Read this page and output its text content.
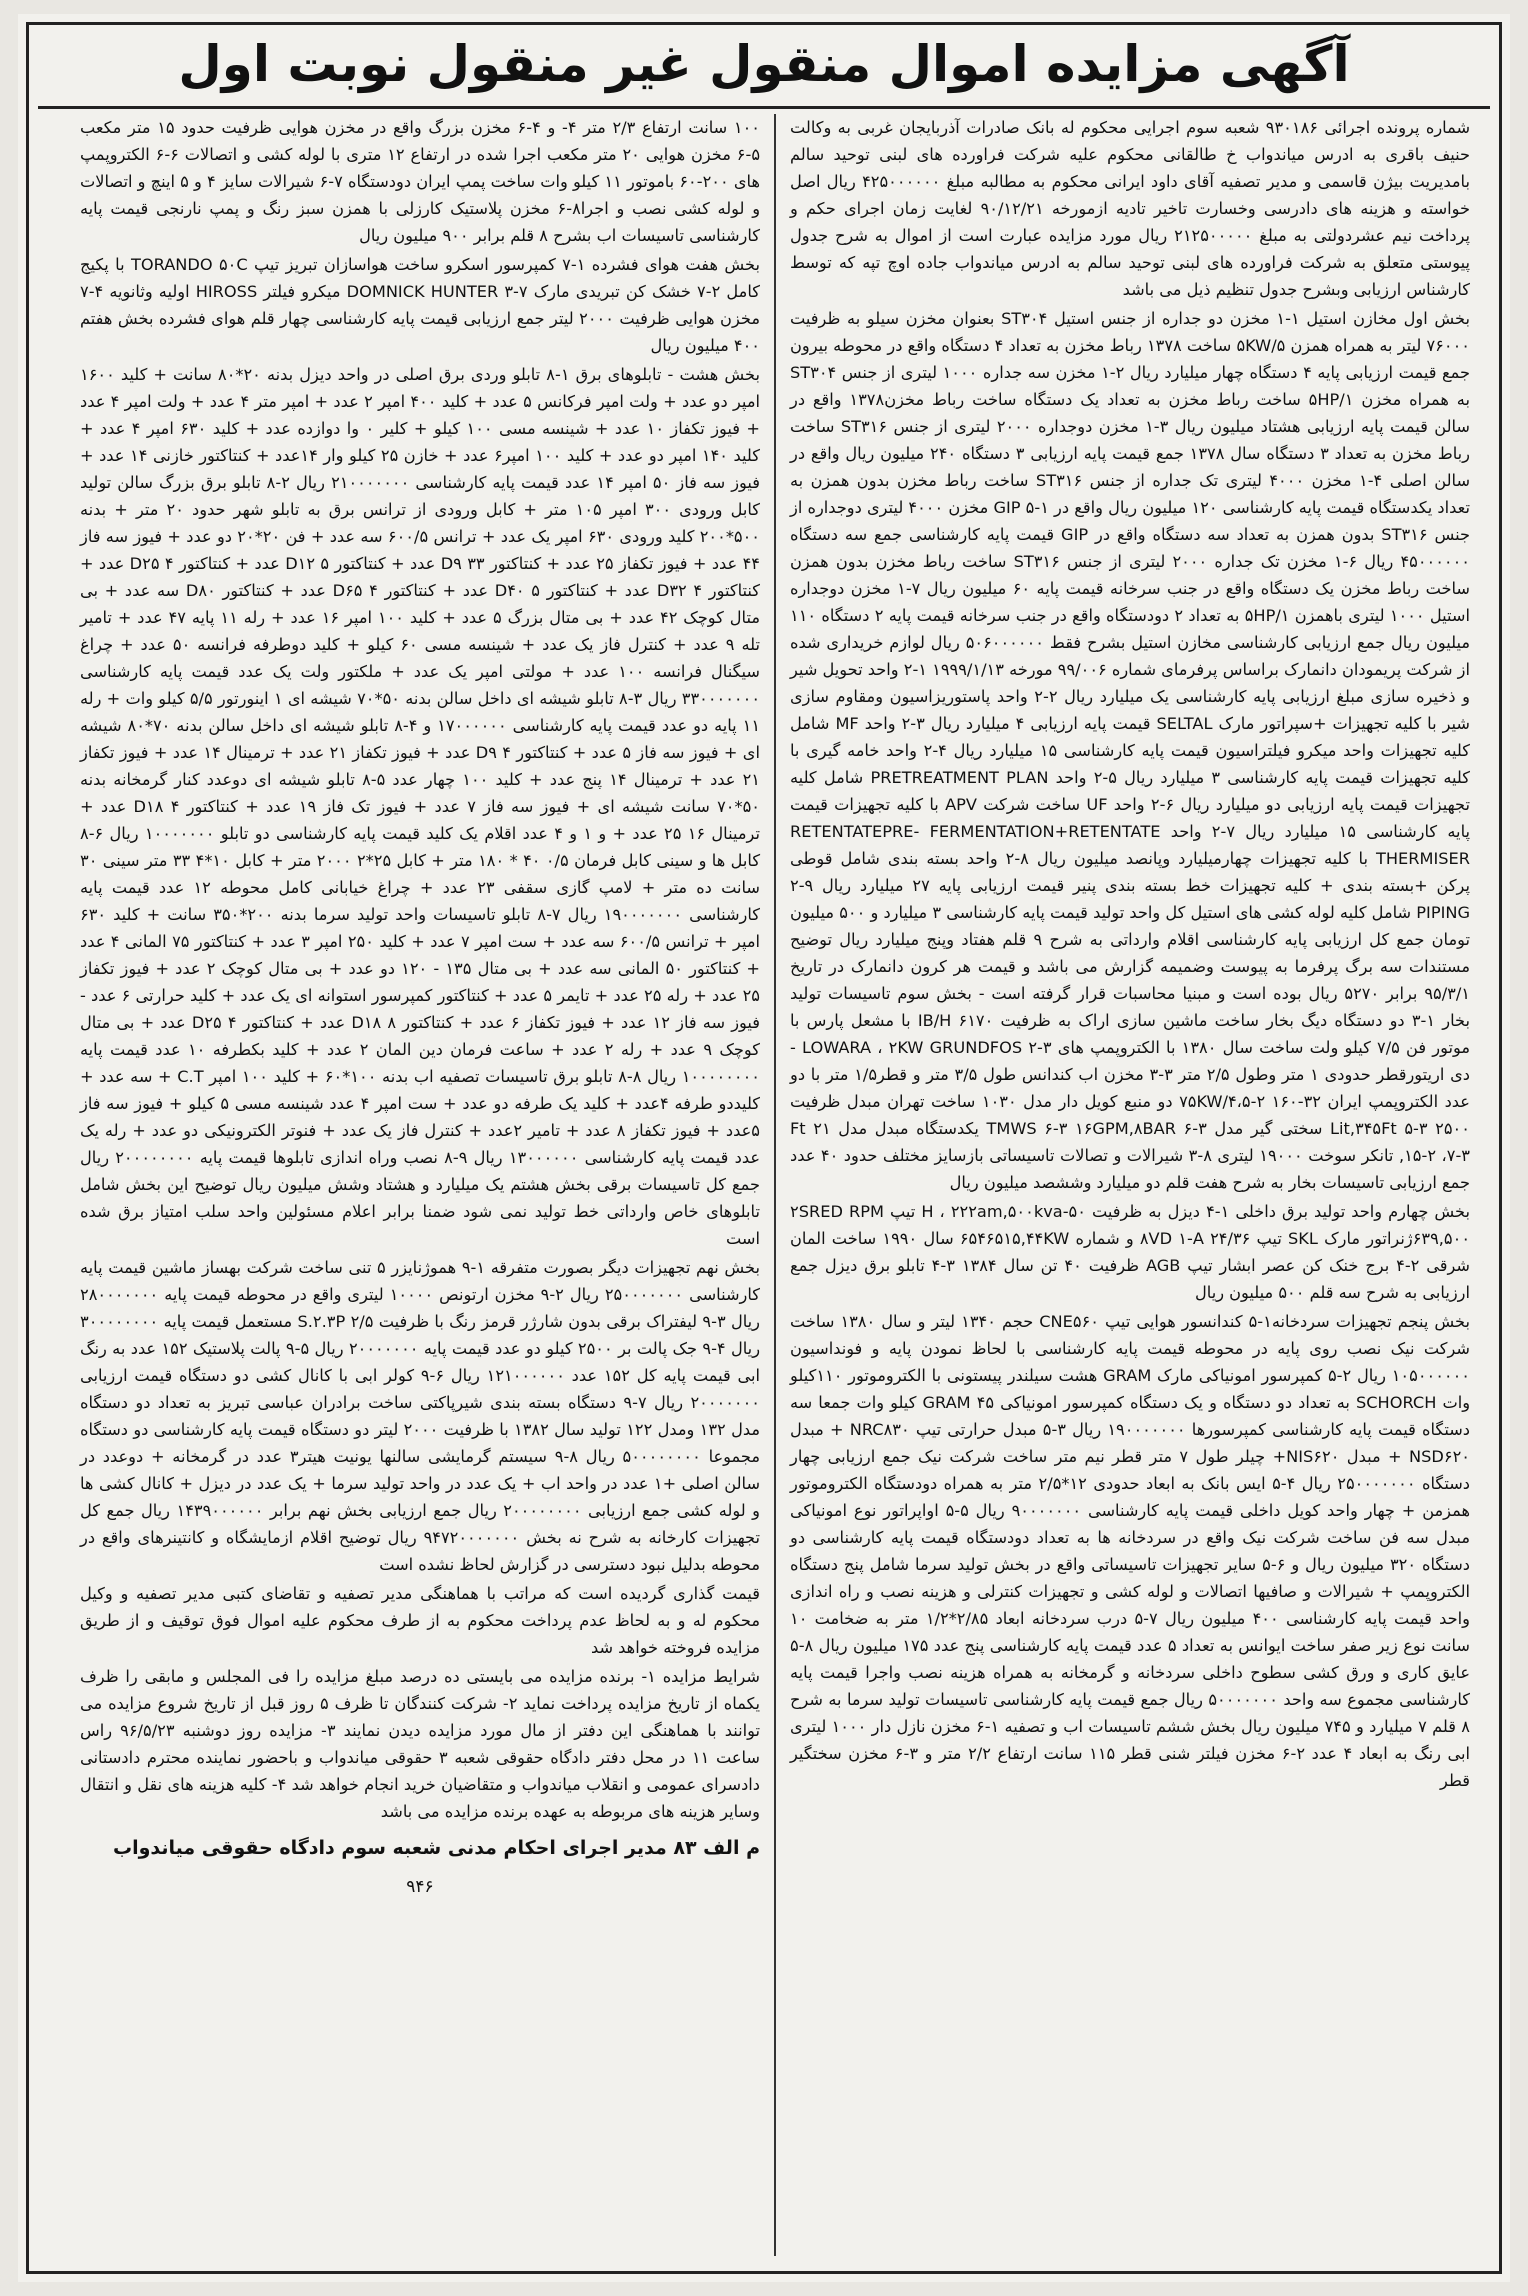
آگهی مزایده اموال منقول غیر منقول نوبت اول

شماره پرونده اجرائی ۹۳۰۱۸۶ شعبه سوم اجرایی محکوم له بانک صادرات آذربایجان غربی به وکالت حنیف باقری به ادرس میاندواب خ طالقانی محکوم علیه شرکت فراورده های لبنی توحید سالم بامدیریت بیژن قاسمی و مدیر تصفیه آقای داود ایرانی محکوم به مطالبه مبلغ ۴۲۵۰۰۰۰۰۰ ریال اصل خواسته و هزینه های دادرسی وخسارت تاخیر تادیه ازمورخه ۹۰/۱۲/۲۱ لغایت زمان اجرای حکم و پرداخت نیم عشردولتی به مبلغ ۲۱۲۵۰۰۰۰۰ ریال مورد مزایده عبارت است از اموال به شرح جدول پیوستی متعلق به شرکت فراورده های لبنی توحید سالم به ادرس میاندواب جاده اوچ تپه که توسط کارشناس ارزیابی وبشرح جدول تنظیم ذیل می باشد

بخش اول مخازن استیل ۱-۱ مخزن دو جداره از جنس استیل ST۳۰۴ بعنوان مخزن سیلو به ظرفیت ۷۶۰۰۰ لیتر به همراه همزن ۵KW/۵ ساخت ۱۳۷۸ رباط مخزن به تعداد ۴ دستگاه واقع در محوطه بیرون جمع قیمت ارزیابی پایه ۴ دستگاه چهار میلیارد ریال ۲-۱ مخزن سه جداره ۱۰۰۰ لیتری از جنس ST۳۰۴ به همراه مخزن ۵HP/۱ ساخت رباط مخزن به تعداد یک دستگاه ساخت رباط مخزن۱۳۷۸ واقع در سالن قیمت پایه ارزیابی هشتاد میلیون ریال ۳-۱ مخزن دوجداره ۲۰۰۰ لیتری از جنس ST۳۱۶ ساخت رباط مخزن به تعداد ۳ دستگاه سال ۱۳۷۸ جمع قیمت پایه ارزیابی ۳ دستگاه ۲۴۰ میلیون ریال واقع در سالن اصلی ۴-۱ مخزن ۴۰۰۰ لیتری تک جداره از جنس ST۳۱۶ ساخت رباط مخزن بدون همزن به تعداد یکدستگاه قیمت پایه کارشناسی ۱۲۰ میلیون ریال واقع در GIP ۵-۱ مخزن ۴۰۰۰ لیتری دوجداره از جنس ST۳۱۶ بدون همزن به تعداد سه دستگاه واقع در GIP قیمت پایه کارشناسی جمع سه دستگاه ۴۵۰۰۰۰۰۰ ریال ۶-۱ مخزن تک جداره ۲۰۰۰ لیتری از جنس ST۳۱۶ ساخت رباط مخزن بدون همزن ساخت رباط مخزن یک دستگاه واقع در جنب سرخانه قیمت پایه ۶۰ میلیون ریال ۷-۱ مخزن دوجداره استیل ۱۰۰۰ لیتری باهمزن ۵HP/۱ به تعداد ۲ دودستگاه واقع در جنب سرخانه قیمت پایه ۲ دستگاه ۱۱۰ میلیون ریال جمع ارزیابی کارشناسی مخازن استیل بشرح فقط ۵۰۶۰۰۰۰۰۰ ریال لوازم خریداری شده از شرکت پریمودان دانمارک براساس پرفرمای شماره ۹۹/۰۰۶ مورخه ۱۹۹۹/۱/۱۳ ۱-۲ واحد تحویل شیر و ذخیره سازی مبلغ ارزیابی پایه کارشناسی یک میلیارد ریال ۲-۲ واحد پاستوریزاسیون ومقاوم سازی شیر با کلیه تجهیزات +سپراتور مارک SELTAL قیمت پایه ارزیابی ۴ میلیارد ریال ۳-۲ واحد MF شامل کلیه تجهیزات واحد میکرو فیلتراسیون قیمت پایه کارشناسی ۱۵ میلیارد ریال ۴-۲ واحد خامه گیری با کلیه تجهیزات قیمت پایه کارشناسی ۳ میلیارد ریال ۵-۲ واحد PRETREATMENT PLAN شامل کلیه تجهیزات قیمت پایه ارزیابی دو میلیارد ریال ۶-۲ واحد UF ساخت شرکت APV با کلیه تجهیزات قیمت پایه کارشناسی ۱۵ میلیارد ریال ۷-۲ واحد RETENTATEPRE- FERMENTATION+RETENTATE THERMISER با کلیه تجهیزات چهارمیلیارد وپانصد میلیون ریال ۸-۲ واحد بسته بندی شامل قوطی پرکن +بسته بندی + کلیه تجهیزات خط بسته بندی پنیر قیمت ارزیابی پایه ۲۷ میلیارد ریال ۹-۲ PIPING شامل کلیه لوله کشی های استیل کل واحد تولید قیمت پایه کارشناسی ۳ میلیارد و ۵۰۰ میلیون تومان جمع کل ارزیابی پایه کارشناسی اقلام وارداتی به شرح ۹ قلم هفتاد وپنج میلیارد ریال توضیح مستندات سه برگ پرفرما به پیوست وضمیمه گزارش می باشد و قیمت هر کرون دانمارک در تاریخ ۹۵/۳/۱ برابر ۵۲۷۰ ریال بوده است و مبنیا محاسبات قرار گرفته است - بخش سوم تاسیسات تولید بخار ۱-۳ دو دستگاه دیگ بخار ساخت ماشین سازی اراک به ظرفیت IB/H ۶۱۷۰ با مشعل پارس با موتور فن ۷/۵ کیلو ولت ساخت سال ۱۳۸۰ با الکتروپمپ های LOWARA ، ۲KW GRUNDFOS ۲-۳ - دی اریتورقطر حدودی ۱ متر وطول ۲/۵ متر ۳-۳ مخزن اب کندانس طول ۳/۵ متر و قطر۱/۵ متر با دو عدد الکتروپمپ ایران ۳۲-۱۶۰ ۲-۷۵KW/۴،۵ دو منبع کویل دار مدل ۱۰۳۰ ساخت تهران مبدل ظرفیت ۲۵۰۰ Lit,۳۴۵Ft ۵-۳ سختی گیر مدل TMWS ۶-۳ ۱۶GPM,۸BAR ۶-۳ یکدستگاه مبدل مدل ۲۱ Ft ,۱۵-۲ ،۷-۳ تانکر سوخت ۱۹۰۰۰ لیتری ۸-۳ شیرالات و تصالات تاسیساتی بازسایز مختلف حدود ۴۰ عدد جمع ارزیابی تاسیسات بخار به شرح هفت قلم دو میلیارد وششصد میلیون ریال

بخش چهارم واحد تولید برق داخلی ۱-۴ دیزل به ظرفیت ۵۰-H ، ۲۲۲am,۵۰۰kva تیپ ۲SRED RPM ۶۳۹,۵۰۰ژنراتور مارک SKL تیپ ۲۴/۳۶ ۸VD ۱-A و شماره ۶۵۴۶۵۱۵,۴۴KW سال ۱۹۹۰ ساخت المان شرقی ۲-۴ برج خنک کن عصر ابشار تیپ AGB ظرفیت ۴۰ تن سال ۱۳۸۴ ۳-۴ تابلو برق دیزل جمع ارزیابی به شرح سه قلم ۵۰۰ میلیون ریال

بخش پنجم تجهیزات سردخانه۱-۵ کندانسور هوایی تیپ CNE۵۶۰ حجم ۱۳۴۰ لیتر و سال ۱۳۸۰ ساخت شرکت نیک نصب روی پایه در محوطه قیمت پایه کارشناسی با لحاظ نمودن پایه و فونداسیون ۱۰۵۰۰۰۰۰۰ ریال ۲-۵ کمپرسور امونیاکی مارک GRAM هشت سیلندر پیستونی با الکتروموتور ۱۱۰کیلو وات SCHORCH به تعداد دو دستگاه و یک دستگاه کمپرسور امونیاکی ۴۵ GRAM کیلو وات جمعا سه دستگاه قیمت پایه کارشناسی کمپرسورها ۱۹۰۰۰۰۰۰۰ ریال ۳-۵ مبدل حرارتی تیپ NRC۸۳۰ + مبدل NSD۶۲۰ + مبدل NIS۶۲۰+ چیلر طول ۷ متر قطر نیم متر ساخت شرکت نیک جمع ارزیابی چهار دستگاه ۲۵۰۰۰۰۰۰۰ ریال ۴-۵ ایس بانک به ابعاد حدودی ۱۲*۲/۵ متر به همراه دودستگاه الکتروموتور همزمن + چهار واحد کویل داخلی قیمت پایه کارشناسی ۹۰۰۰۰۰۰۰ ریال ۵-۵ اواپراتور نوع امونیاکی مبدل سه فن ساخت شرکت نیک واقع در سردخانه ها به تعداد دودستگاه قیمت پایه کارشناسی دو دستگاه ۳۲۰ میلیون ریال و ۶-۵ سایر تجهیزات تاسیساتی واقع در بخش تولید سرما شامل پنج دستگاه الکتروپمپ + شیرالات و صافیها اتصالات و لوله کشی و تجهیزات کنترلی و هزینه نصب و راه اندازی واحد قیمت پایه کارشناسی ۴۰۰ میلیون ریال ۷-۵ درب سردخانه ابعاد ۲/۸۵*۱/۲ متر به ضخامت ۱۰ سانت نوع زیر صفر ساخت ایوانس به تعداد ۵ عدد قیمت پایه کارشناسی پنج عدد ۱۷۵ میلیون ریال ۸-۵ عایق کاری و ورق کشی سطوح داخلی سردخانه و گرمخانه به همراه هزینه نصب واجرا قیمت پایه کارشناسی مجموع سه واحد ۵۰۰۰۰۰۰۰ ریال جمع قیمت پایه کارشناسی تاسیسات تولید سرما به شرح ۸ قلم ۷ میلیارد و ۷۴۵ میلیون ریال بخش ششم تاسیسات اب و تصفیه ۱-۶ مخزن نازل دار ۱۰۰۰ لیتری ابی رنگ به ابعاد ۴ عدد ۲-۶ مخزن فیلتر شنی قطر ۱۱۵ سانت ارتفاع ۲/۲ متر و ۳-۶ مخزن سختگیر قطر

۱۰۰ سانت ارتفاع ۲/۳ متر ۴- و ۴-۶ مخزن بزرگ واقع در مخزن هوایی ظرفیت حدود ۱۵ متر مکعب ۵-۶ مخزن هوایی ۲۰ متر مکعب اجرا شده در ارتفاع ۱۲ متری با لوله کشی و اتصالات ۶-۶ الکتروپمپ های ۲۰۰-۶۰ باموتور ۱۱ کیلو وات ساخت پمپ ایران دودستگاه ۷-۶ شیرالات سایز ۴ و ۵ اینچ و اتصالات و لوله کشی نصب و اجرا۸-۶ مخزن پلاستیک کارزلی با همزن سبز رنگ و پمپ نارنجی قیمت پایه کارشناسی تاسیسات اب بشرح ۸ قلم برابر ۹۰۰ میلیون ریال

بخش هفت هوای فشرده ۱-۷ کمپرسور اسکرو ساخت هواسازان تبریز تیپ TORANDO ۵۰C با پکیج کامل ۲-۷ خشک کن تبریدی مارک DOMNICK HUNTER ۳-۷ میکرو فیلتر HIROSS اولیه وثانویه ۴-۷ مخزن هوایی ظرفیت ۲۰۰۰ لیتر جمع ارزیابی قیمت پایه کارشناسی چهار قلم هوای فشرده بخش هفتم ۴۰۰ میلیون ریال

بخش هشت - تابلوهای برق ۱-۸ تابلو وردی برق اصلی در واحد دیزل بدنه ۲۰*۸۰ سانت + کلید ۱۶۰۰ امپر دو عدد + ولت امپر فرکانس ۵ عدد + کلید ۴۰۰ امپر ۲ عدد + امپر متر ۴ عدد + ولت امپر ۴ عدد + فیوز تکفاز ۱۰ عدد + شینسه مسی ۱۰۰ کیلو + کلیر ۰ وا دوازده عدد + کلید ۶۳۰ امپر ۴ عدد + کلید ۱۴۰ امپر دو عدد + کلید ۱۰۰ امپر۶ عدد + خازن ۲۵ کیلو وار ۱۴عدد + کنتاکتور خازنی ۱۴ عدد + فیوز سه فاز ۵۰ امپر ۱۴ عدد قیمت پایه کارشناسی ۲۱۰۰۰۰۰۰۰ ریال ۲-۸ تابلو برق بزرگ سالن تولید کابل ورودی ۳۰۰ امپر ۱۰۵ متر + کابل ورودی از ترانس برق به تابلو شهر حدود ۲۰ متر + بدنه ۵۰۰*۲۰۰ کلید ورودی ۶۳۰ امپر یک عدد + ترانس ۶۰۰/۵ سه عدد + فن ۲۰*۲۰ دو عدد + فیوز سه فاز ۴۴ عدد + فیوز تکفاز ۲۵ عدد + کنتاکتور D۹ ۳۳ عدد + کنتاکتور D۱۲ ۵ عدد + کنتاکتور D۲۵ ۴ عدد + کنتاکتور D۳۲ ۴ عدد + کنتاکتور D۴۰ ۵ عدد + کنتاکتور D۶۵ ۴ عدد + کنتاکتور D۸۰ سه عدد + بی متال کوچک ۴۲ عدد + بی متال بزرگ ۵ عدد + کلید ۱۰۰ امپر ۱۶ عدد + رله ۱۱ پایه ۴۷ عدد + تامیر تله ۹ عدد + کنترل فاز یک عدد + شینسه مسی ۶۰ کیلو + کلید دوطرفه فرانسه ۵۰ عدد + چراغ سیگنال فرانسه ۱۰۰ عدد + مولتی امپر یک عدد + ملکتور ولت یک عدد قیمت پایه کارشناسی ۳۳۰۰۰۰۰۰۰ ریال ۳-۸ تابلو شیشه ای داخل سالن بدنه ۵۰*۷۰ شیشه ای ۱ اینورتور ۵/۵ کیلو وات + رله ۱۱ پایه دو عدد قیمت پایه کارشناسی ۱۷۰۰۰۰۰۰ و ۴-۸ تابلو شیشه ای داخل سالن بدنه ۷۰*۸۰ شیشه ای + فیوز سه فاز ۵ عدد + کنتاکتور D۹ ۴ عدد + فیوز تکفاز ۲۱ عدد + ترمینال ۱۴ عدد + فیوز تکفاز ۲۱ عدد + ترمینال ۱۴ پنج عدد + کلید ۱۰۰ چهار عدد ۵-۸ تابلو شیشه ای دوعدد کنار گرمخانه بدنه ۵۰*۷۰ سانت شیشه ای + فیوز سه فاز ۷ عدد + فیوز تک فاز ۱۹ عدد + کنتاکتور D۱۸ ۴ عدد + ترمینال ۱۶ ۲۵ عدد + و ۱ و ۴ عدد اقلام یک کلید قیمت پایه کارشناسی دو تابلو ۱۰۰۰۰۰۰۰ ریال ۶-۸ کابل ها و سینی کابل فرمان ۰/۵ ۴۰ * ۱۸۰ متر + کابل ۲۵*۲ ۲۰۰۰ متر + کابل ۱۰*۴ ۳۳ متر سینی ۳۰ سانت ده متر + لامپ گازی سقفی ۲۳ عدد + چراغ خیابانی کامل محوطه ۱۲ عدد قیمت پایه کارشناسی ۱۹۰۰۰۰۰۰۰ ریال ۷-۸ تابلو تاسیسات واحد تولید سرما بدنه ۲۰۰*۳۵۰ سانت + کلید ۶۳۰ امپر + ترانس ۶۰۰/۵ سه عدد + ست امپر ۷ عدد + کلید ۲۵۰ امپر ۳ عدد + کنتاکتور ۷۵ المانی ۴ عدد + کنتاکتور ۵۰ المانی سه عدد + بی متال ۱۳۵ - ۱۲۰ دو عدد + بی متال کوچک ۲ عدد + فیوز تکفاز ۲۵ عدد + رله ۲۵ عدد + تایمر ۵ عدد + کنتاکتور کمپرسور استوانه ای یک عدد + کلید حرارتی ۶ عدد - فیوز سه فاز ۱۲ عدد + فیوز تکفاز ۶ عدد + کنتاکتور D۱۸ ۸ عدد + کنتاکتور D۲۵ ۴ عدد + بی متال کوچک ۹ عدد + رله ۲ عدد + ساعت فرمان دین المان ۲ عدد + کلید بکطرفه ۱۰ عدد قیمت پایه ۱۰۰۰۰۰۰۰۰ ریال ۸-۸ تابلو برق تاسیسات تصفیه اب بدنه ۱۰۰*۶۰ + کلید ۱۰۰ امپر C.T + سه عدد + کلیددو طرفه ۴عدد + کلید یک طرفه دو عدد + ست امپر ۴ عدد شینسه مسی ۵ کیلو + فیوز سه فاز ۵عدد + فیوز تکفاز ۸ عدد + تامیر ۲عدد + کنترل فاز یک عدد + فنوتر الکترونیکی دو عدد + رله یک عدد قیمت پایه کارشناسی ۱۳۰۰۰۰۰۰ ریال ۹-۸ نصب وراه اندازی تابلوها قیمت پایه ۲۰۰۰۰۰۰۰۰ ریال جمع کل تاسیسات برقی بخش هشتم یک میلیارد و هشتاد وشش میلیون ریال توضیح این بخش شامل تابلوهای خاص وارداتی خط تولید نمی شود ضمنا برابر اعلام مسئولین واحد سلب امتیاز برق شده است

بخش نهم تجهیزات دیگر بصورت متفرقه ۱-۹ هموژنایزر ۵ تنی ساخت شرکت بهساز ماشین قیمت پایه کارشناسی ۲۵۰۰۰۰۰۰۰ ریال ۲-۹ مخزن ارتونص ۱۰۰۰۰ لیتری واقع در محوطه قیمت پایه ۲۸۰۰۰۰۰۰۰ ریال ۳-۹ لیفتراک برقی بدون شارژر قرمز رنگ با ظرفیت ۲/۵ S.۲.۳P مستعمل قیمت پایه ۳۰۰۰۰۰۰۰۰ ریال ۴-۹ جک پالت بر ۲۵۰۰ کیلو دو عدد قیمت پایه ۲۰۰۰۰۰۰۰ ریال ۵-۹ پالت پلاستیک ۱۵۲ عدد به رنگ ابی قیمت پایه کل ۱۵۲ عدد ۱۲۱۰۰۰۰۰۰ ریال ۶-۹ کولر ابی با کانال کشی دو دستگاه قیمت ارزیابی ۲۰۰۰۰۰۰۰ ریال ۷-۹ دستگاه بسته بندی شیرپاکتی ساخت برادران عباسی تبریز به تعداد دو دستگاه مدل ۱۳۲ ومدل ۱۲۲ تولید سال ۱۳۸۲ با ظرفیت ۲۰۰۰ لیتر دو دستگاه قیمت پایه کارشناسی دو دستگاه مجموعا ۵۰۰۰۰۰۰۰۰ ریال ۸-۹ سیستم گرمایشی سالنها یونیت هیتر۳ عدد در گرمخانه + دوعدد در سالن اصلی +۱ عدد در واحد اب + یک عدد در واحد تولید سرما + یک عدد در دیزل + کانال کشی ها و لوله کشی جمع ارزیابی ۲۰۰۰۰۰۰۰۰ ریال جمع ارزیابی بخش نهم برابر ۱۴۳۹۰۰۰۰۰۰ ریال جمع کل تجهیزات کارخانه به شرح نه بخش ۹۴۷۲۰۰۰۰۰۰۰ ریال توضیح اقلام ازمایشگاه و کانتینرهای واقع در محوطه بدلیل نبود دسترسی در گزارش لحاظ نشده است

قیمت گذاری گردیده است که مراتب با هماهنگی مدیر تصفیه و تقاضای کتبی مدیر تصفیه و وکیل محکوم له و به لحاظ عدم پرداخت محکوم به از طرف محکوم علیه اموال فوق توقیف و از طریق مزایده فروخته خواهد شد

شرایط مزایده ۱- برنده مزایده می بایستی ده درصد مبلغ مزایده را فی المجلس و مابقی را ظرف یکماه از تاریخ مزایده پرداخت نماید ۲- شرکت کنندگان تا ظرف ۵ روز قبل از تاریخ شروع مزایده می توانند با هماهنگی این دفتر از مال مورد مزایده دیدن نمایند ۳- مزایده روز دوشنبه ۹۶/۵/۲۳ راس ساعت ۱۱ در محل دفتر دادگاه حقوقی شعبه ۳ حقوقی میاندواب و باحضور نماینده محترم دادستانی دادسرای عمومی و انقلاب میاندواب و متقاضیان خرید انجام خواهد شد ۴- کلیه هزینه های نقل و انتقال وسایر هزینه های مربوطه به عهده برنده مزایده می باشد

م الف ۸۳ مدیر اجرای احکام مدنی شعبه سوم دادگاه حقوقی میاندواب
۹۴۶
